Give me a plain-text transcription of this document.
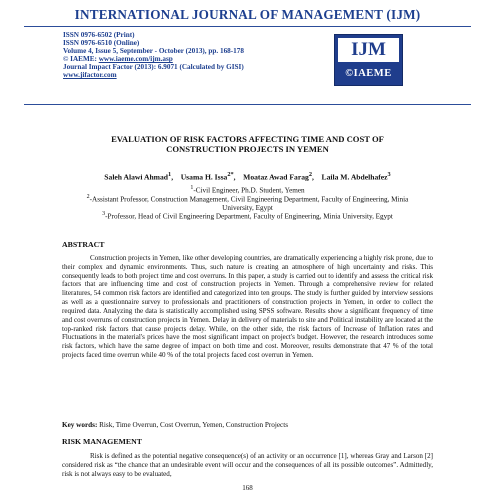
INTERNATIONAL JOURNAL OF MANAGEMENT (IJM)
ISSN 0976-6502 (Print)
ISSN 0976-6510 (Online)
Volume 4, Issue 5, September - October (2013), pp. 168-178
© IAEME: www.iaeme.com/ijm.asp
Journal Impact Factor (2013): 6.9071 (Calculated by GISI)
www.jifactor.com
IJM
©IAEME
EVALUATION OF RISK FACTORS AFFECTING TIME AND COST OF
CONSTRUCTION PROJECTS IN YEMEN
Saleh Alawi Ahmad$^1$, Usama H. Issa$^{2*}$, Moataz Awad Farag$^2$, Laila M. Abdelhafez$^3$
$^1$-Civil Engineer, Ph.D. Student, Yemen
$^2$-Assistant Professor, Construction Management, Civil Engineering Department, Faculty of Engineering, Minia University, Egypt
$^3$-Professor, Head of Civil Engineering Department, Faculty of Engineering, Minia University, Egypt
ABSTRACT

Construction projects in Yemen, like other developing countries, are dramatically experiencing a highly risk prone, due to their complex and dynamic environments. Thus, such nature is creating an atmosphere of high uncertainty and risks. This consequently leads to both project time and cost overruns. In this paper, a study is carried out to identify and assess the critical risk factors that are influencing time and cost of construction projects in Yemen. Through a comprehensive review for related literatures, 54 common risk factors are identified and categorized into ten groups. The study is further guided by interview sessions as well as a questionnaire survey to professionals and practitioners of construction projects in Yemen, in order to collect the required data. Analyzing the data is statistically accomplished using SPSS software. Results show a significant frequency of time and cost overruns of construction projects in Yemen. Delay in delivery of materials to site and Political instability are located at the top-ranked risk factors that cause projects delay. While, on the other side, the risk factors of Increase of Inflation rates and Fluctuations in the material's prices have the most significant impact on project's budget. However, the research introduces some risk factors, which have the same degree of impact on both time and cost. Moreover, results demonstrate that 47 % of the total projects faced time overrun while 40 % of the total projects faced cost overrun in Yemen.

Key words: Risk, Time Overrun, Cost Overrun, Yemen, Construction Projects
RISK MANAGEMENT

Risk is defined as the potential negative consequence(s) of an activity or an occurrence [1], whereas Gray and Larson [2] considered risk as “the chance that an undesirable event will occur and the consequences of all its possible outcomes”. Admittedly, risk is not always easy to be evaluated,

168
